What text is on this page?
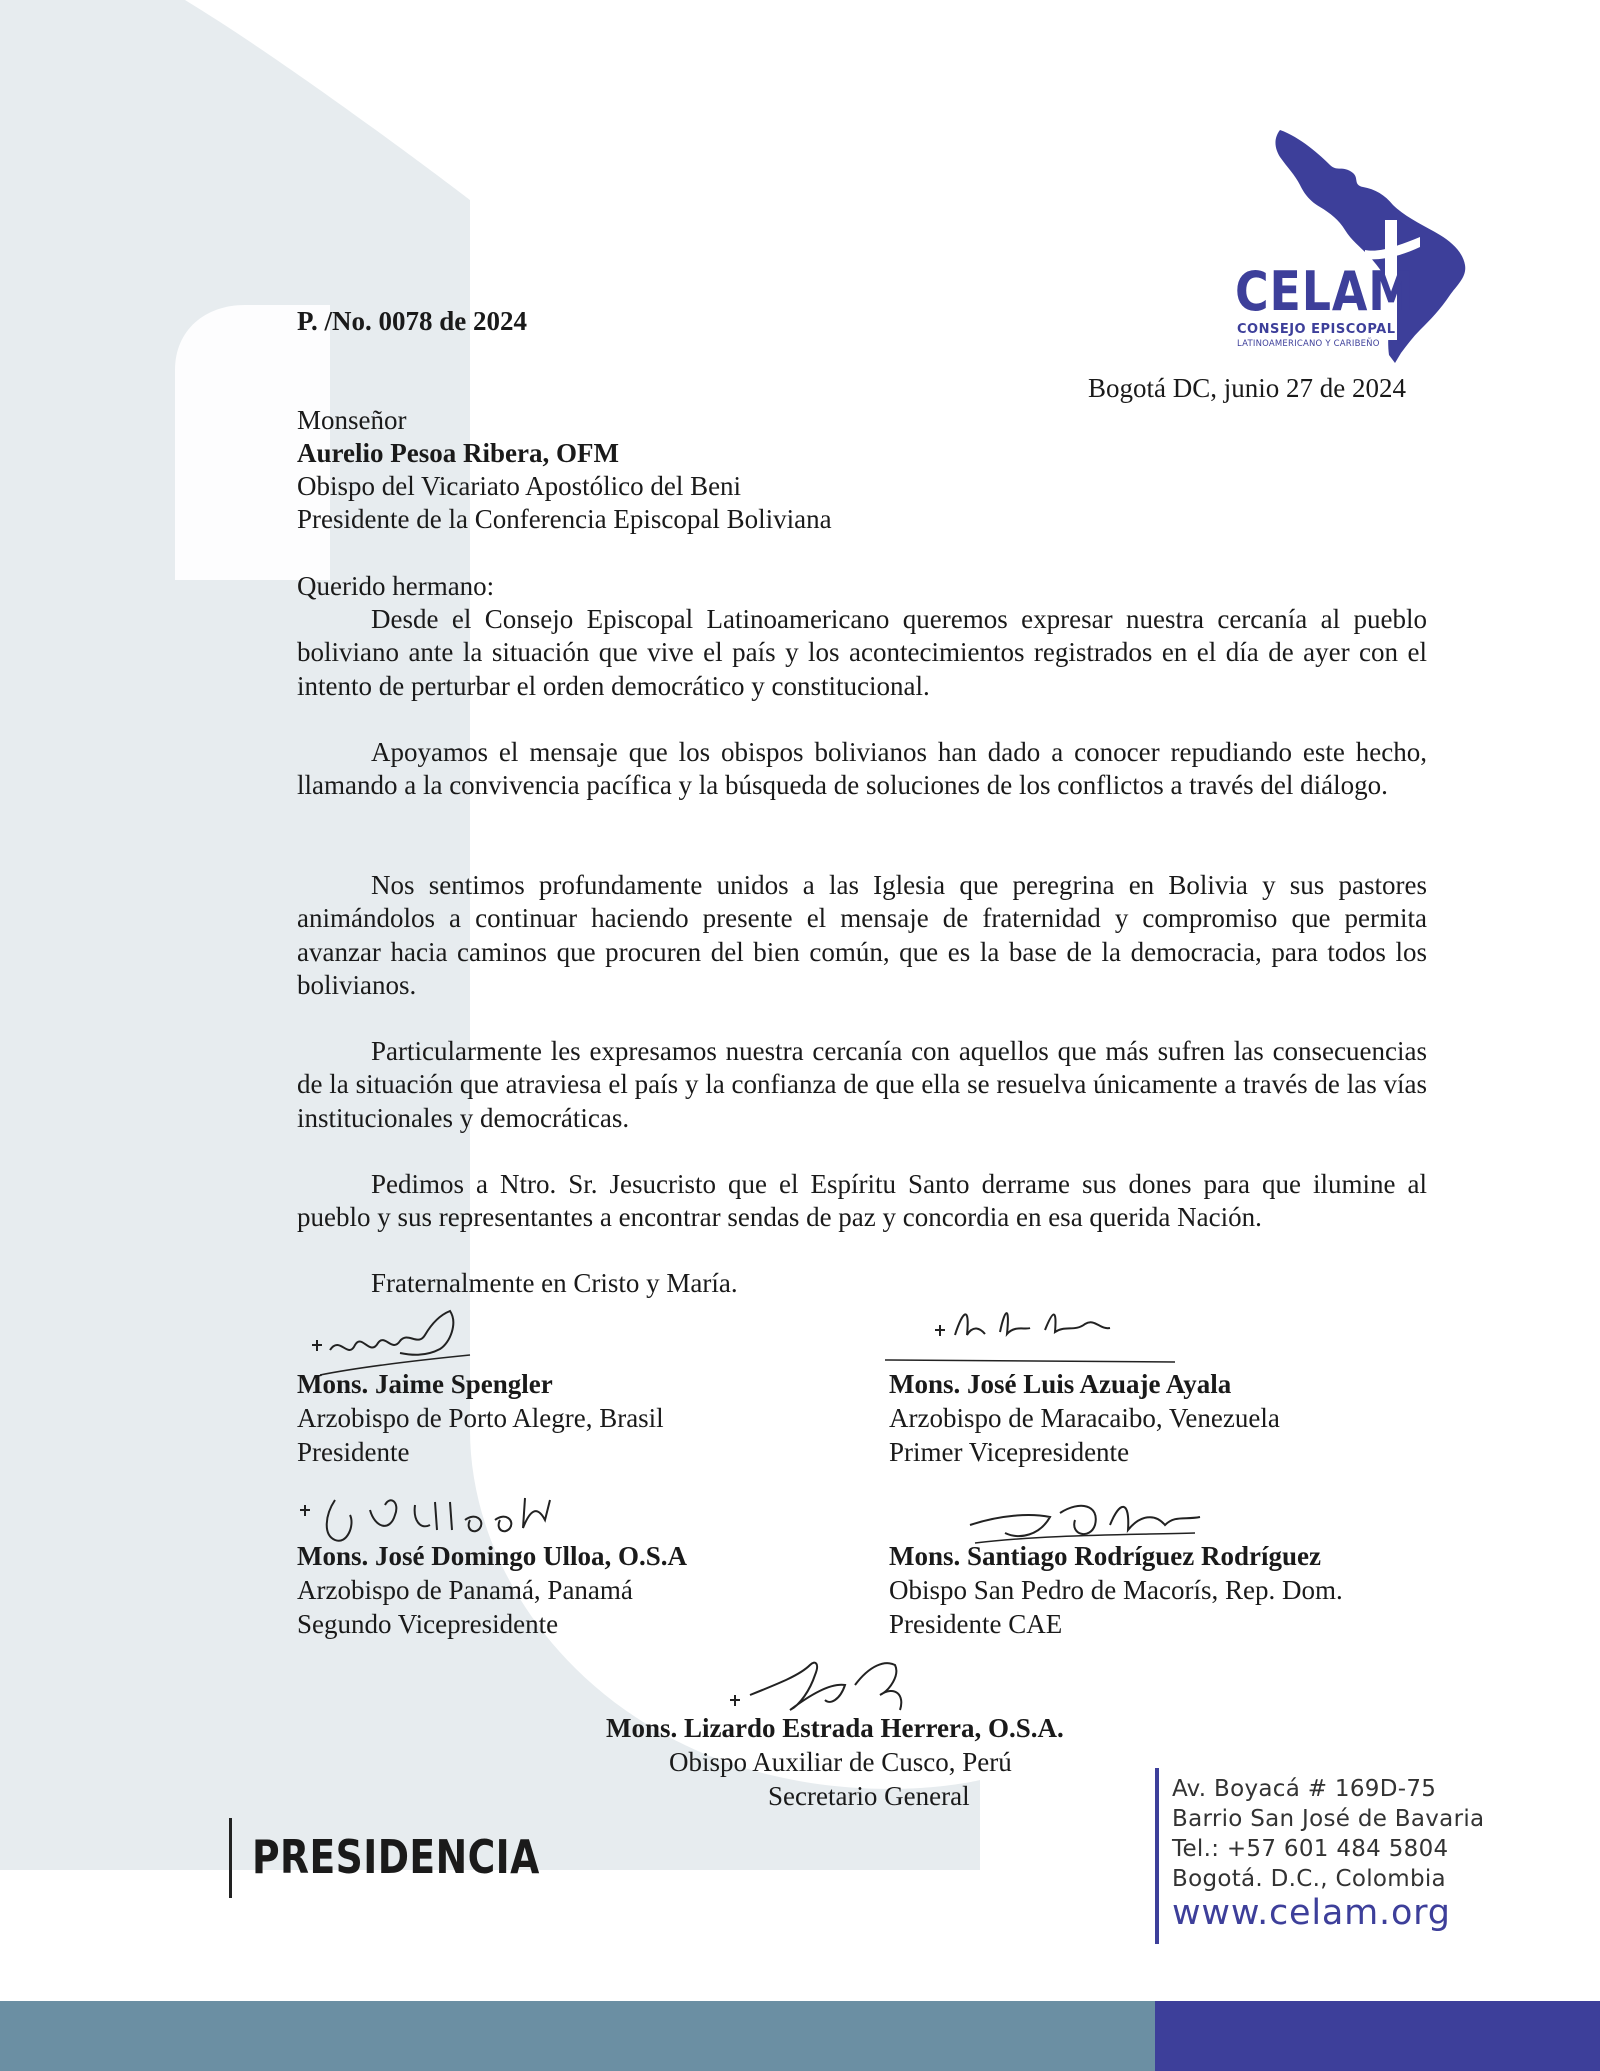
CELAM
CONSEJO EPISCOPAL
LATINOAMERICANO Y CARIBEÑO
P. /No. 0078 de 2024
Bogotá DC, junio 27 de 2024
Monseñor
Aurelio Pesoa Ribera, OFM
Obispo del Vicariato Apostólico del Beni
Presidente de la Conferencia Episcopal Boliviana
Querido hermano:
Desde el Consejo Episcopal Latinoamericano queremos expresar nuestra cercanía al pueblo boliviano ante la situación que vive el país y los acontecimientos registrados en el día de ayer con el intento de perturbar el orden democrático y constitucional.
Apoyamos el mensaje que los obispos bolivianos han dado a conocer repudiando este hecho, llamando a la convivencia pacífica y la búsqueda de soluciones de los conflictos a través del diálogo.
Nos sentimos profundamente unidos a las Iglesia que peregrina en Bolivia y sus pastores animándolos a continuar haciendo presente el mensaje de fraternidad y compromiso que permita avanzar hacia caminos que procuren del bien común, que es la base de la democracia, para todos los bolivianos.
Particularmente les expresamos nuestra cercanía con aquellos que más sufren las consecuencias de la situación que atraviesa el país y la confianza de que ella se resuelva únicamente a través de las vías institucionales y democráticas.
Pedimos a Ntro. Sr. Jesucristo que el Espíritu Santo derrame sus dones para que ilumine al pueblo y sus representantes a encontrar sendas de paz y concordia en esa querida Nación.
Fraternalmente en Cristo y María.
Mons. Jaime Spengler
Arzobispo de Porto Alegre, Brasil
Presidente
Mons. José Luis Azuaje Ayala
Arzobispo de Maracaibo, Venezuela
Primer Vicepresidente
Mons. José Domingo Ulloa, O.S.A
Arzobispo de Panamá, Panamá
Segundo Vicepresidente
Mons. Santiago Rodríguez Rodríguez
Obispo San Pedro de Macorís, Rep. Dom.
Presidente CAE
Mons. Lizardo Estrada Herrera, O.S.A.
Obispo Auxiliar de Cusco, Perú
Secretario General
PRESIDENCIA
Av. Boyacá # 169D-75
Barrio San José de Bavaria
Tel.: +57 601 484 5804
Bogotá. D.C., Colombia
www.celam.org
